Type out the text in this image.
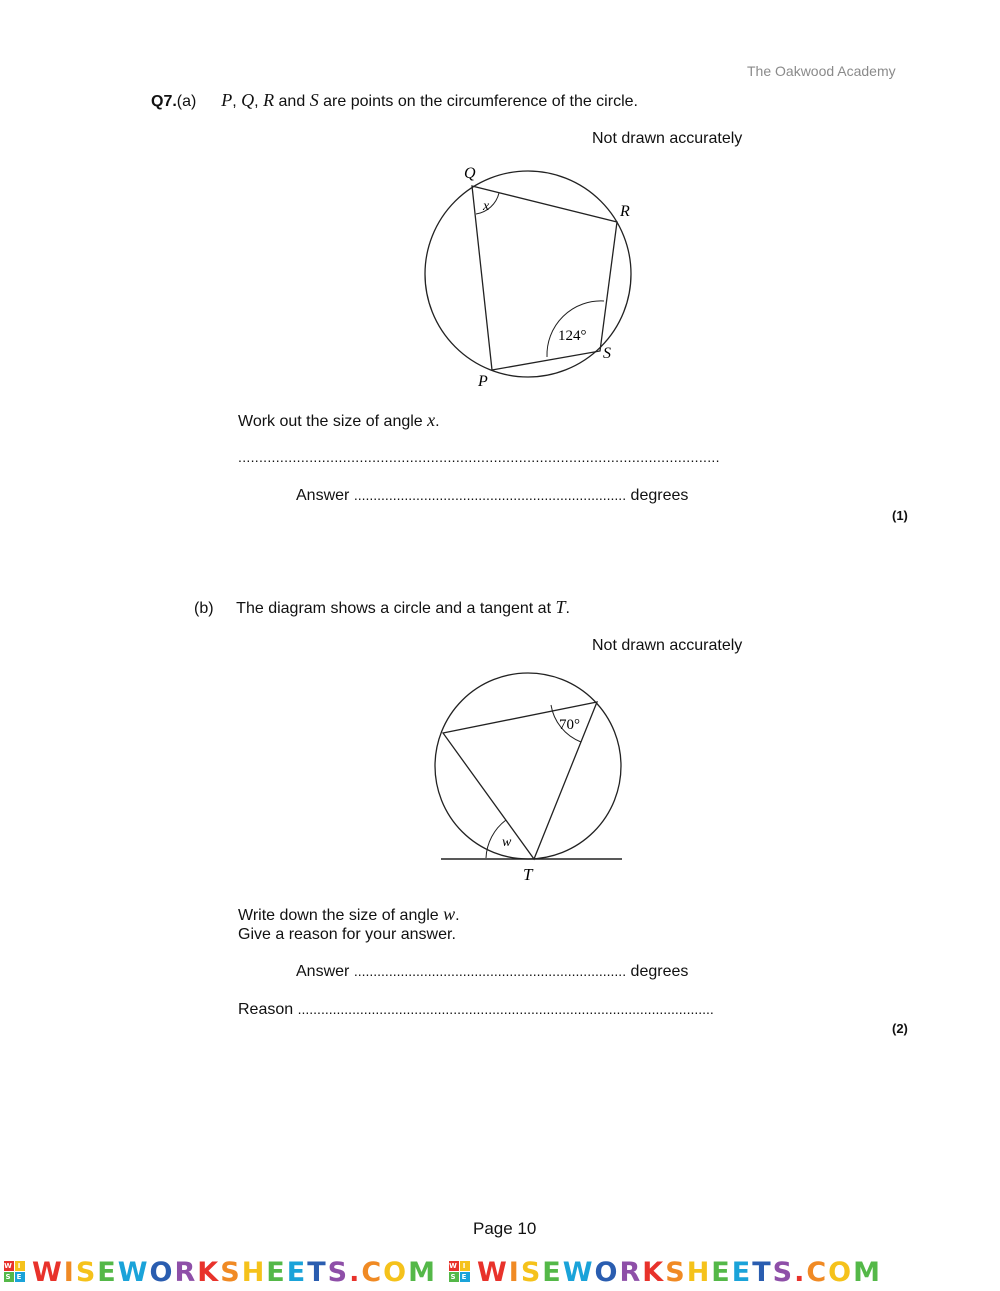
The Oakwood Academy
Q7.(a) P, Q, R and S are points on the circumference of the circle.
Not drawn accurately
Q
R
S
P
x
124°
Work out the size of angle x.
...................................................................................................................
Answer ...................................................................... degrees
(1)
(b) The diagram shows a circle and a tangent at T.
Not drawn accurately
70°
w
T
Write down the size of angle w.
Give a reason for your answer.
Answer ...................................................................... degrees
Reason ...........................................................................................................
(2)
Page 10
W I
S E WISEWORKSHEETS.COM W I
S E WISEWORKSHEETS.COM
